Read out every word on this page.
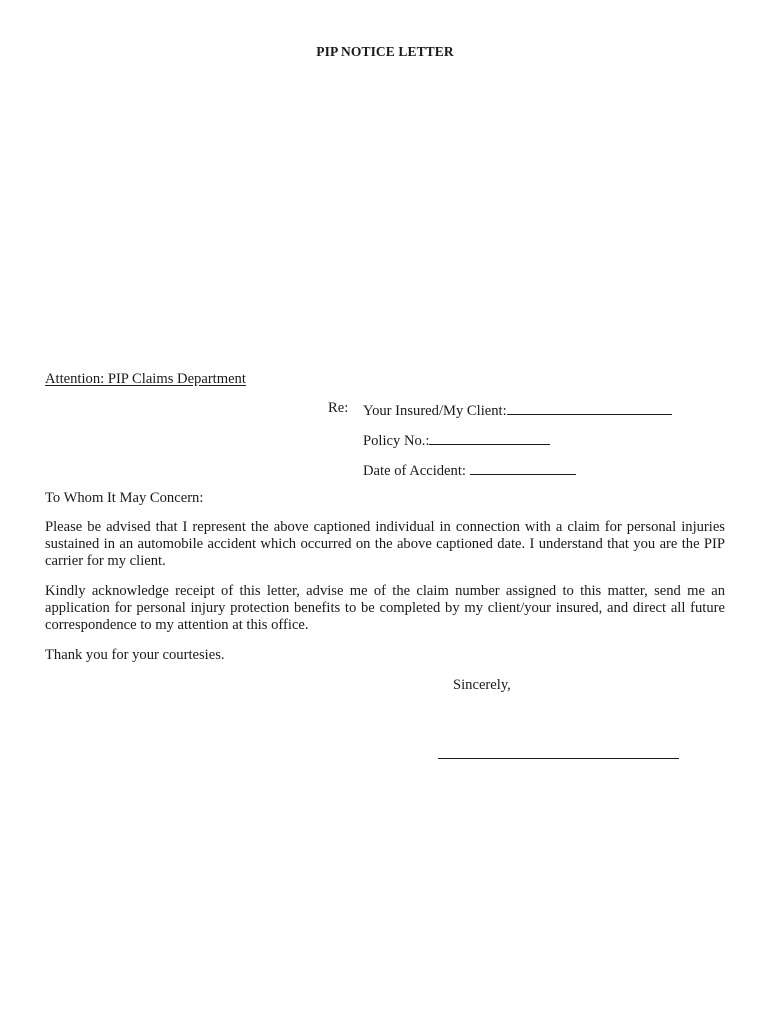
PIP NOTICE LETTER
Attention: PIP Claims Department
Re: Your Insured/My Client:
Policy No.:
Date of Accident:
To Whom It May Concern:
Please be advised that I represent the above captioned individual in connection with a claim for personal injuries sustained in an automobile accident which occurred on the above captioned date. I understand that you are the PIP carrier for my client.
Kindly acknowledge receipt of this letter, advise me of the claim number assigned to this matter, send me an application for personal injury protection benefits to be completed by my client/your insured, and direct all future correspondence to my attention at this office.
Thank you for your courtesies.
Sincerely,
